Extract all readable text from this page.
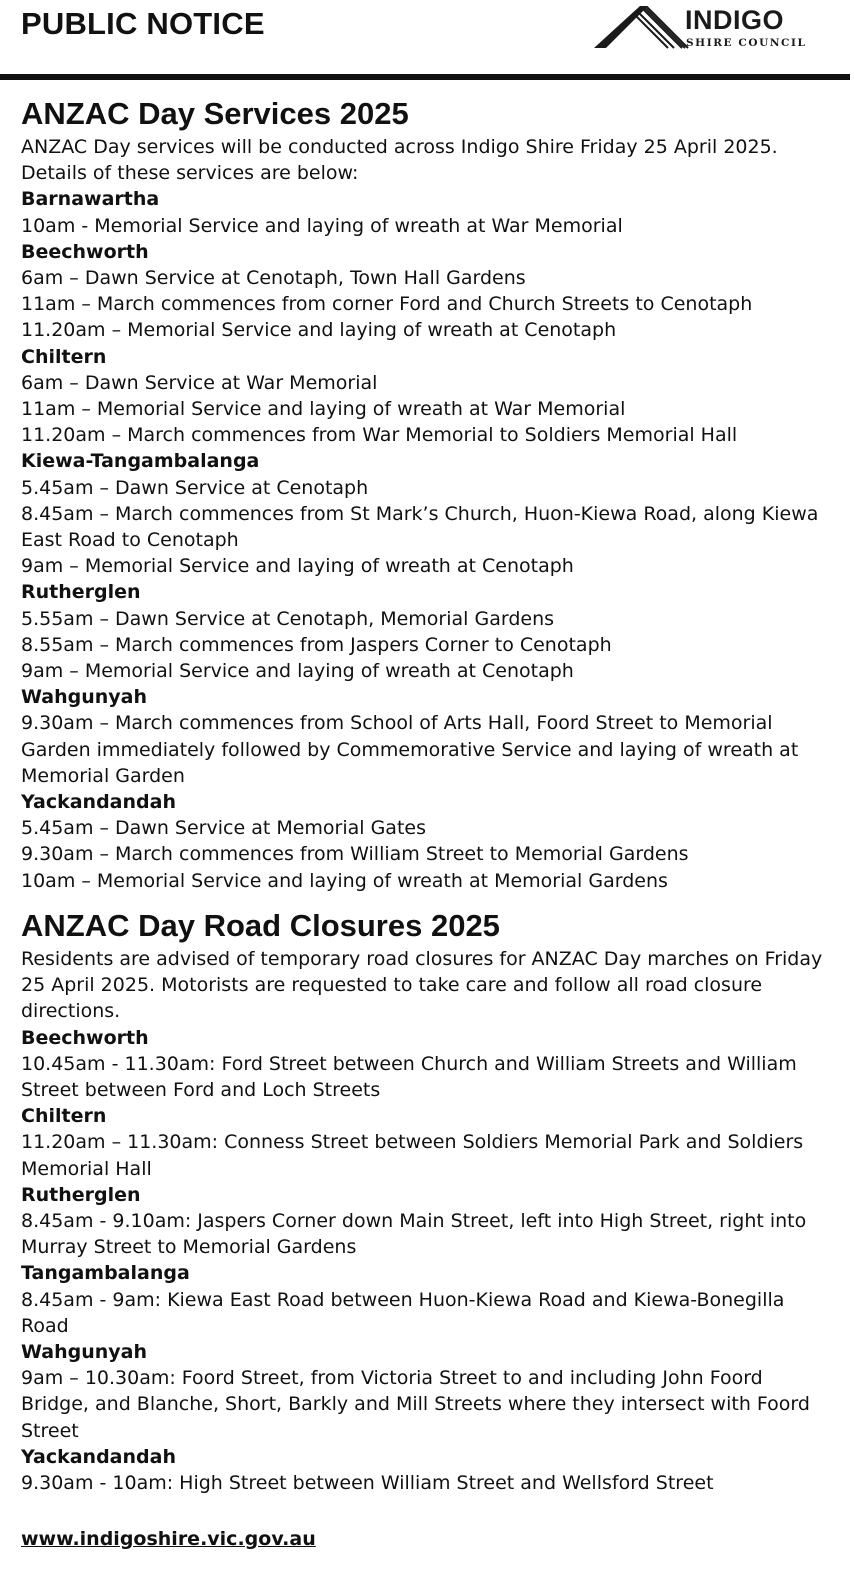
PUBLIC NOTICE	INDIGO
SHIRE COUNCIL
ANZAC Day Services 2025

ANZAC Day services will be conducted across Indigo Shire Friday 25 April 2025. Details of these services are below:

Barnawartha
10am - Memorial Service and laying of wreath at War Memorial
Beechworth
6am – Dawn Service at Cenotaph, Town Hall Gardens
11am – March commences from corner Ford and Church Streets to Cenotaph
11.20am – Memorial Service and laying of wreath at Cenotaph
Chiltern
6am – Dawn Service at War Memorial
11am – Memorial Service and laying of wreath at War Memorial
11.20am – March commences from War Memorial to Soldiers Memorial Hall
Kiewa-Tangambalanga
5.45am – Dawn Service at Cenotaph
8.45am – March commences from St Mark’s Church, Huon-Kiewa Road, along Kiewa East Road to Cenotaph
9am – Memorial Service and laying of wreath at Cenotaph
Rutherglen
5.55am – Dawn Service at Cenotaph, Memorial Gardens
8.55am – March commences from Jaspers Corner to Cenotaph
9am – Memorial Service and laying of wreath at Cenotaph
Wahgunyah
9.30am – March commences from School of Arts Hall, Foord Street to Memorial Garden immediately followed by Commemorative Service and laying of wreath at Memorial Garden
Yackandandah
5.45am – Dawn Service at Memorial Gates
9.30am – March commences from William Street to Memorial Gardens
10am – Memorial Service and laying of wreath at Memorial Gardens
ANZAC Day Road Closures 2025

Residents are advised of temporary road closures for ANZAC Day marches on Friday 25 April 2025. Motorists are requested to take care and follow all road closure directions.

Beechworth
10.45am - 11.30am: Ford Street between Church and William Streets and William Street between Ford and Loch Streets
Chiltern
11.20am – 11.30am: Conness Street between Soldiers Memorial Park and Soldiers Memorial Hall
Rutherglen
8.45am - 9.10am: Jaspers Corner down Main Street, left into High Street, right into Murray Street to Memorial Gardens
Tangambalanga
8.45am - 9am: Kiewa East Road between Huon-Kiewa Road and Kiewa-Bonegilla Road
Wahgunyah
9am – 10.30am: Foord Street, from Victoria Street to and including John Foord Bridge, and Blanche, Short, Barkly and Mill Streets where they intersect with Foord Street
Yackandandah
9.30am - 10am: High Street between William Street and Wellsford Street
www.indigoshire.vic.gov.au
